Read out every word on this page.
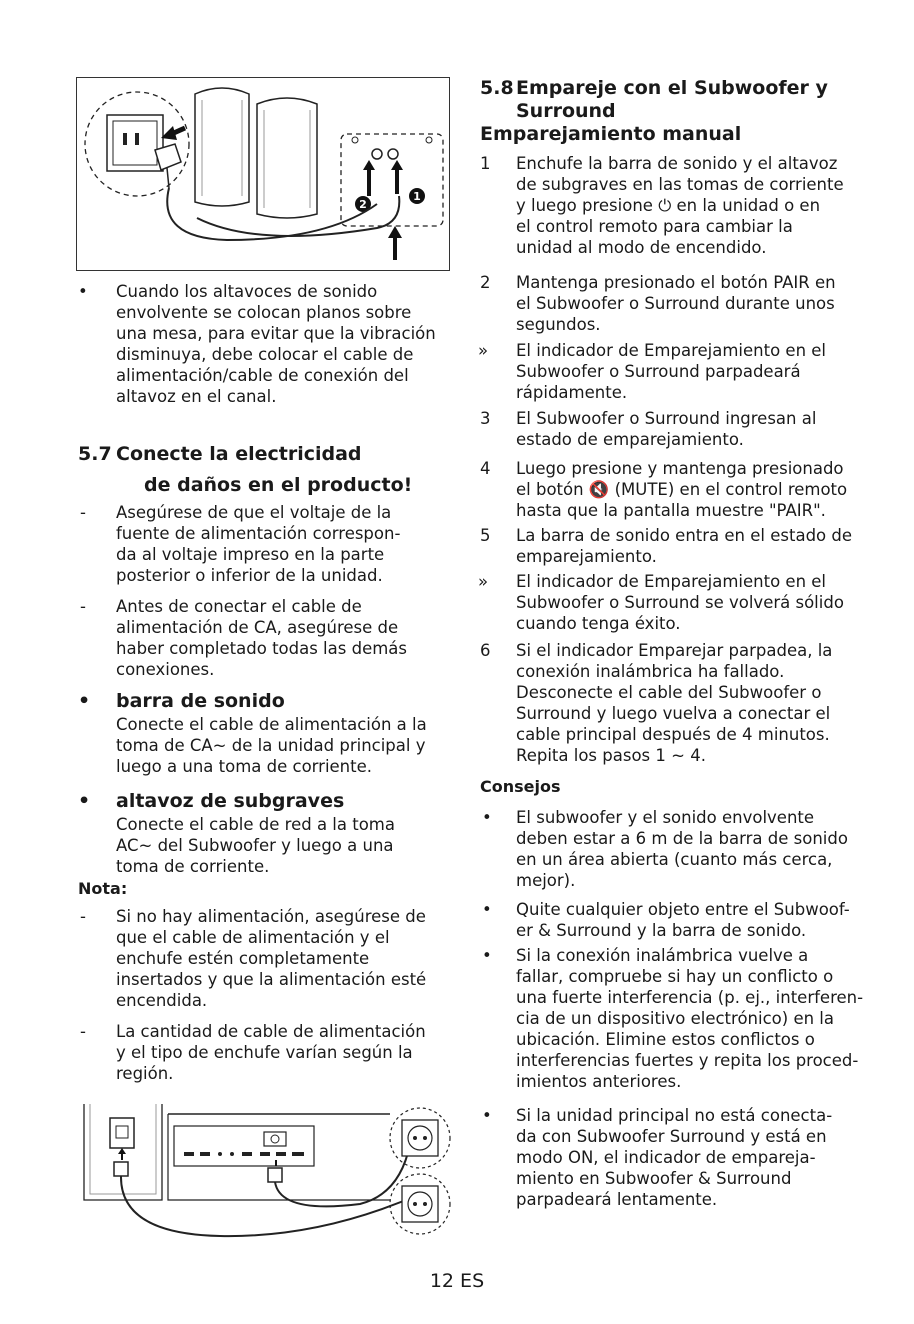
2
1
• Cuando los altavoces de sonido
envolvente se colocan planos sobre
una mesa, para evitar que la vibración
disminuya, debe colocar el cable de
alimentación/cable de conexión del
altavoz en el canal.
5.7 Conecte la electricidad
de daños en el producto!
- Asegúrese de que el voltaje de la
fuente de alimentación correspon-
da al voltaje impreso en la parte
posterior o inferior de la unidad.
- Antes de conectar el cable de
alimentación de CA, asegúrese de
haber completado todas las demás
conexiones.
• barra de sonido
Conecte el cable de alimentación a la
toma de CA~ de la unidad principal y
luego a una toma de corriente.
• altavoz de subgraves
Conecte el cable de red a la toma
AC~ del Subwoofer y luego a una
toma de corriente.
Nota:
- Si no hay alimentación, asegúrese de
que el cable de alimentación y el
enchufe estén completamente
insertados y que la alimentación esté
encendida.
- La cantidad de cable de alimentación
y el tipo de enchufe varían según la
región.
5.8 Empareje con el Subwoofer y
Surround
Emparejamiento manual
1 Enchufe la barra de sonido y el altavoz
de subgraves en las tomas de corriente
y luego presione ⏻ en la unidad o en
el control remoto para cambiar la
unidad al modo de encendido.
2 Mantenga presionado el botón PAIR en
el Subwoofer o Surround durante unos
segundos.
» El indicador de Emparejamiento en el
Subwoofer o Surround parpadeará
rápidamente.
3 El Subwoofer o Surround ingresan al
estado de emparejamiento.
4 Luego presione y mantenga presionado
el botón 🔇 (MUTE) en el control remoto
hasta que la pantalla muestre "PAIR".
5 La barra de sonido entra en el estado de
emparejamiento.
» El indicador de Emparejamiento en el
Subwoofer o Surround se volverá sólido
cuando tenga éxito.
6 Si el indicador Emparejar parpadea, la
conexión inalámbrica ha fallado.
Desconecte el cable del Subwoofer o
Surround y luego vuelva a conectar el
cable principal después de 4 minutos.
Repita los pasos 1 ~ 4.
Consejos
• El subwoofer y el sonido envolvente
deben estar a 6 m de la barra de sonido
en un área abierta (cuanto más cerca,
mejor).
• Quite cualquier objeto entre el Subwoof-
er & Surround y la barra de sonido.
• Si la conexión inalámbrica vuelve a
fallar, compruebe si hay un conflicto o
una fuerte interferencia (p. ej., interferen-
cia de un dispositivo electrónico) en la
ubicación. Elimine estos conflictos o
interferencias fuertes y repita los proced-
imientos anteriores.
• Si la unidad principal no está conecta-
da con Subwoofer Surround y está en
modo ON, el indicador de empareja-
miento en Subwoofer & Surround
parpadeará lentamente.
12 ES
